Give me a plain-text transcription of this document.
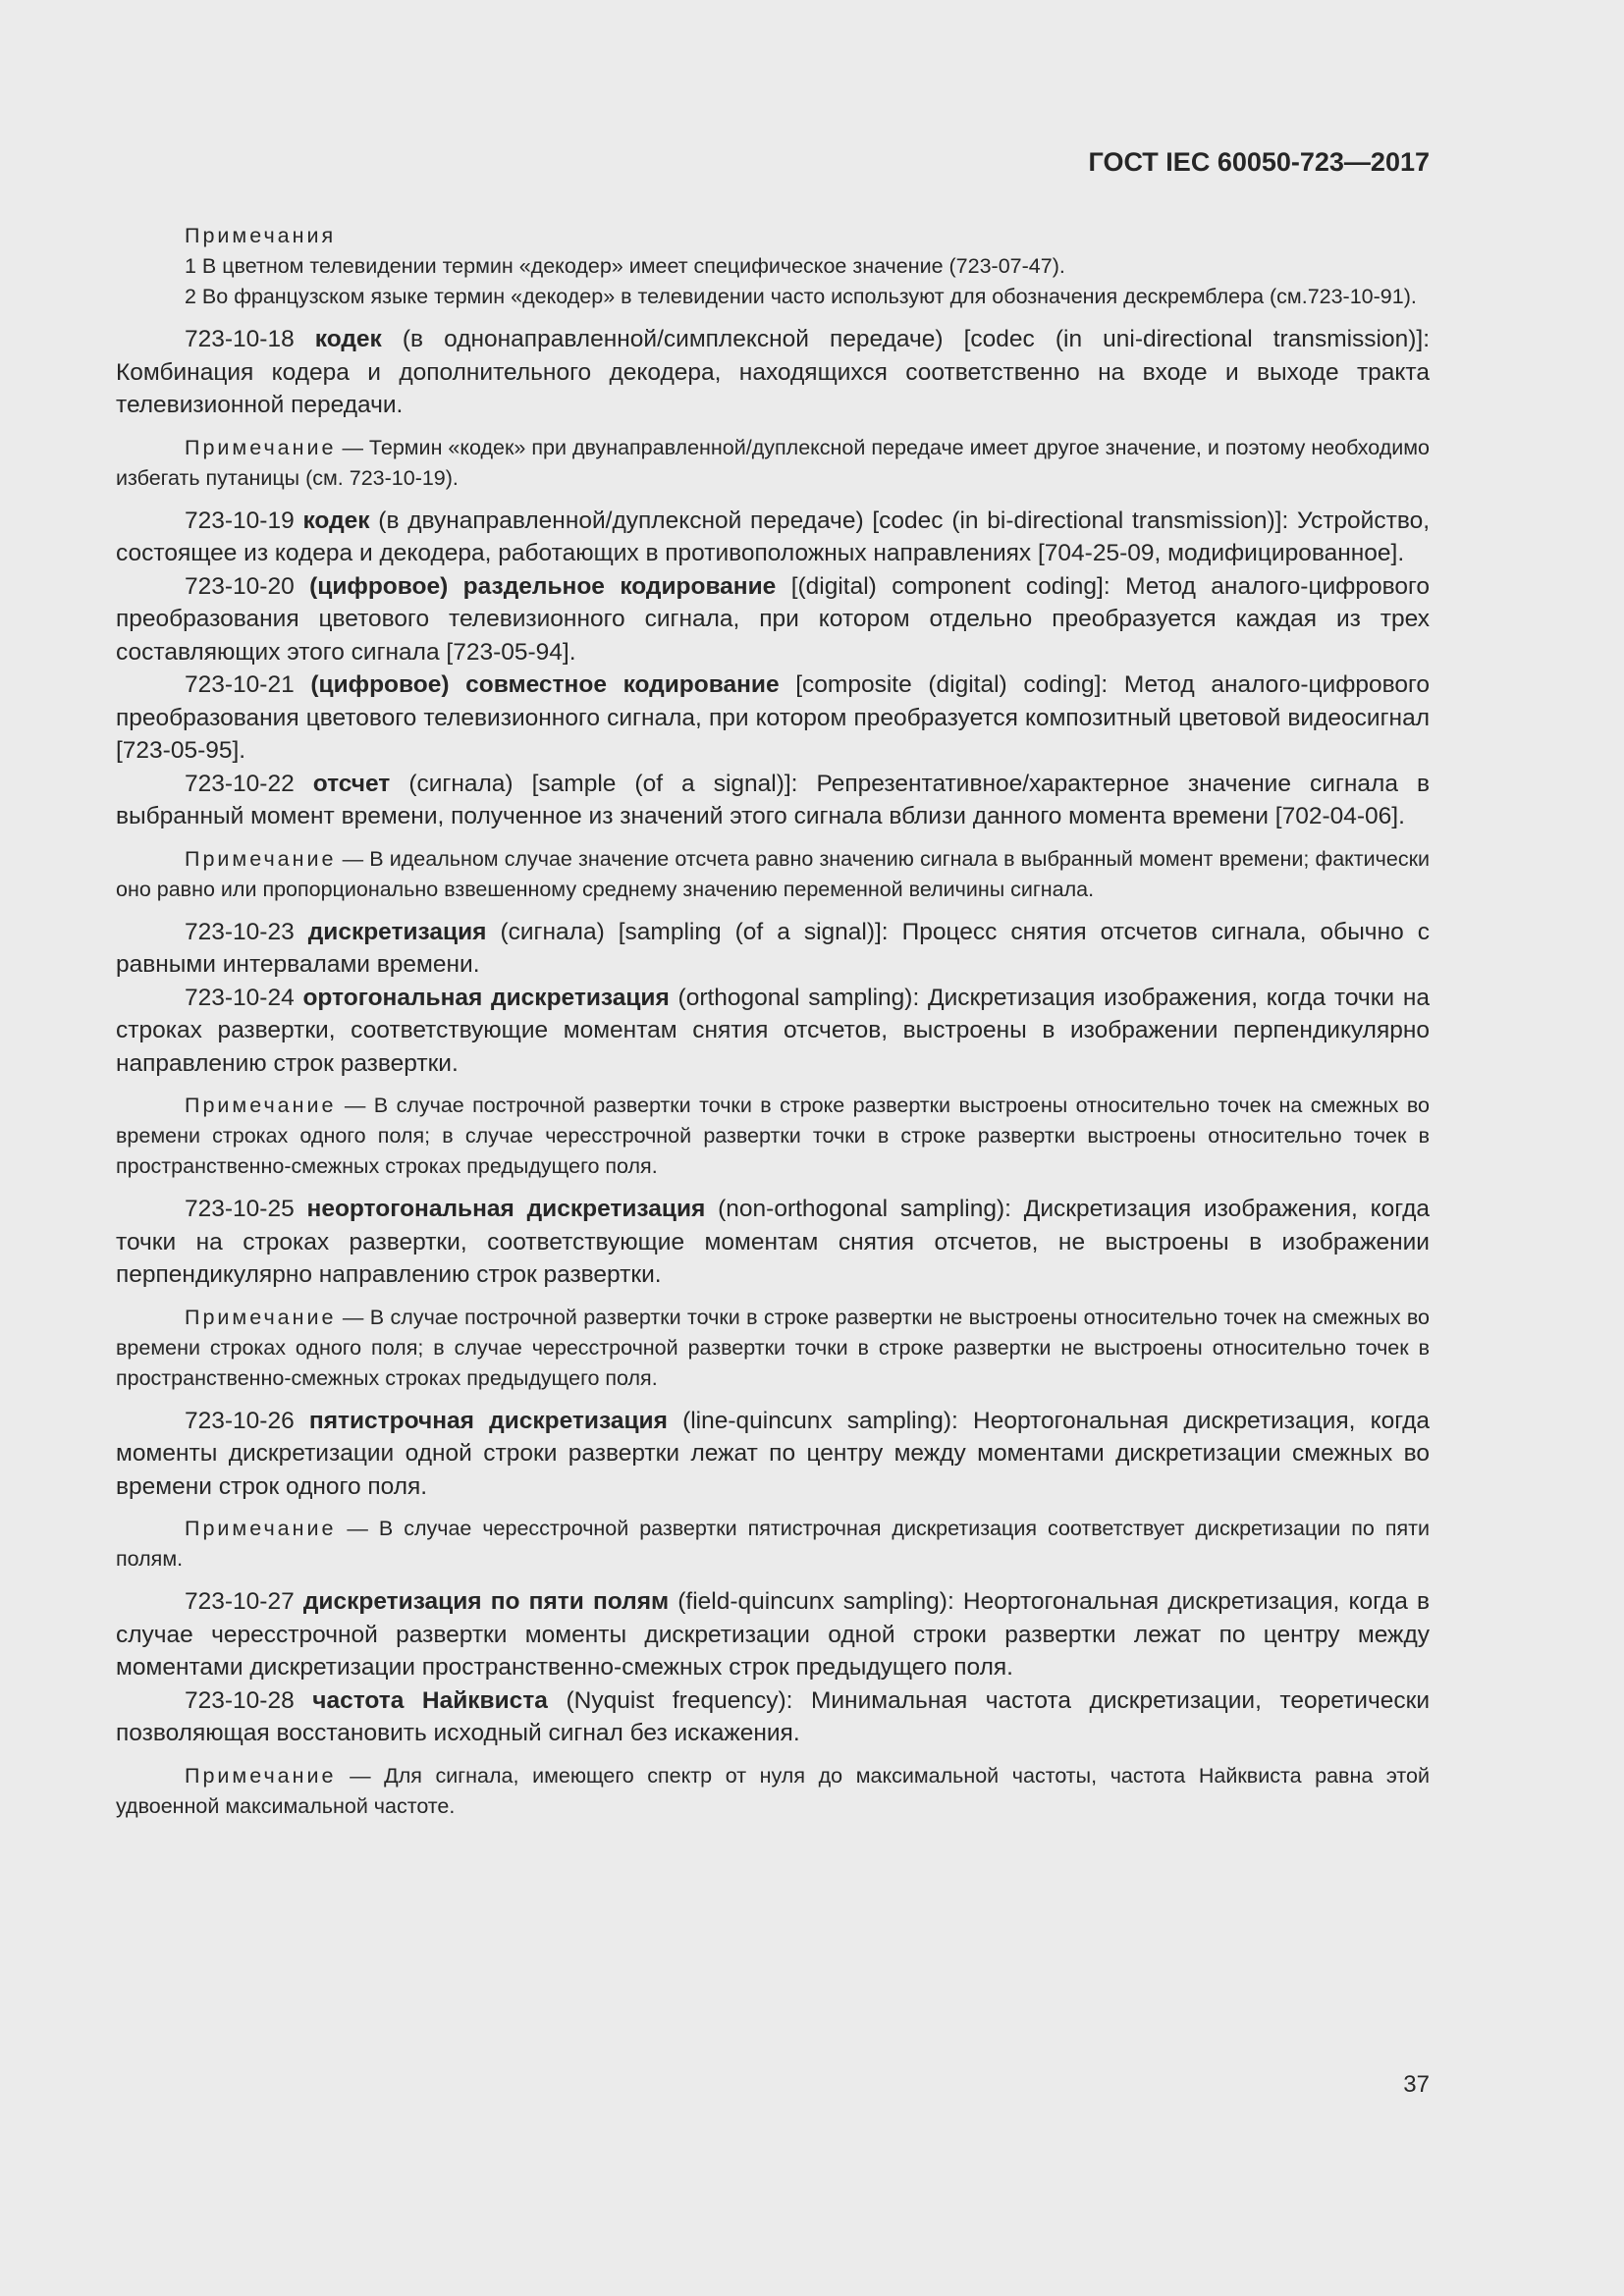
ГОСТ IEC 60050-723—2017

Примечания

1 В цветном телевидении термин «декодер» имеет специфическое значение (723-07-47).

2 Во французском языке термин «декодер» в телевидении часто используют для обозначения дескремблера (см.723-10-91).

723-10-18 кодек (в однонаправленной/симплексной передаче) [codec (in uni-directional transmission)]: Комбинация кодера и дополнительного декодера, находящихся соответственно на входе и выходе тракта телевизионной передачи.

Примечание — Термин «кодек» при двунаправленной/дуплексной передаче имеет другое значение, и поэтому необходимо избегать путаницы (см. 723-10-19).

723-10-19 кодек (в двунаправленной/дуплексной передаче) [codec (in bi-directional transmission)]: Устройство, состоящее из кодера и декодера, работающих в противоположных направлениях [704-25-09, модифицированное].

723-10-20 (цифровое) раздельное кодирование [(digital) component coding]: Метод аналого-цифрового преобразования цветового телевизионного сигнала, при котором отдельно преобразуется каждая из трех составляющих этого сигнала [723-05-94].

723-10-21 (цифровое) совместное кодирование [composite (digital) coding]: Метод аналого-цифрового преобразования цветового телевизионного сигнала, при котором преобразуется композитный цветовой видеосигнал [723-05-95].

723-10-22 отсчет (сигнала) [sample (of a signal)]: Репрезентативное/характерное значение сигнала в выбранный момент времени, полученное из значений этого сигнала вблизи данного момента времени [702-04-06].

Примечание — В идеальном случае значение отсчета равно значению сигнала в выбранный момент времени; фактически оно равно или пропорционально взвешенному среднему значению переменной величины сигнала.

723-10-23 дискретизация (сигнала) [sampling (of a signal)]: Процесс снятия отсчетов сигнала, обычно с равными интервалами времени.

723-10-24 ортогональная дискретизация (orthogonal sampling): Дискретизация изображения, когда точки на строках развертки, соответствующие моментам снятия отсчетов, выстроены в изображении перпендикулярно направлению строк развертки.

Примечание — В случае построчной развертки точки в строке развертки выстроены относительно точек на смежных во времени строках одного поля; в случае чересстрочной развертки точки в строке развертки выстроены относительно точек в пространственно-смежных строках предыдущего поля.

723-10-25 неортогональная дискретизация (non-orthogonal sampling): Дискретизация изображения, когда точки на строках развертки, соответствующие моментам снятия отсчетов, не выстроены в изображении перпендикулярно направлению строк развертки.

Примечание — В случае построчной развертки точки в строке развертки не выстроены относительно точек на смежных во времени строках одного поля; в случае чересстрочной развертки точки в строке развертки не выстроены относительно точек в пространственно-смежных строках предыдущего поля.

723-10-26 пятистрочная дискретизация (line-quincunx sampling): Неортогональная дискретизация, когда моменты дискретизации одной строки развертки лежат по центру между моментами дискретизации смежных во времени строк одного поля.

Примечание — В случае чересстрочной развертки пятистрочная дискретизация соответствует дискретизации по пяти полям.

723-10-27 дискретизация по пяти полям (field-quincunx sampling): Неортогональная дискретизация, когда в случае чересстрочной развертки моменты дискретизации одной строки развертки лежат по центру между моментами дискретизации пространственно-смежных строк предыдущего поля.

723-10-28 частота Найквиста (Nyquist frequency): Минимальная частота дискретизации, теоретически позволяющая восстановить исходный сигнал без искажения.

Примечание — Для сигнала, имеющего спектр от нуля до максимальной частоты, частота Найквиста равна этой удвоенной максимальной частоте.

37
